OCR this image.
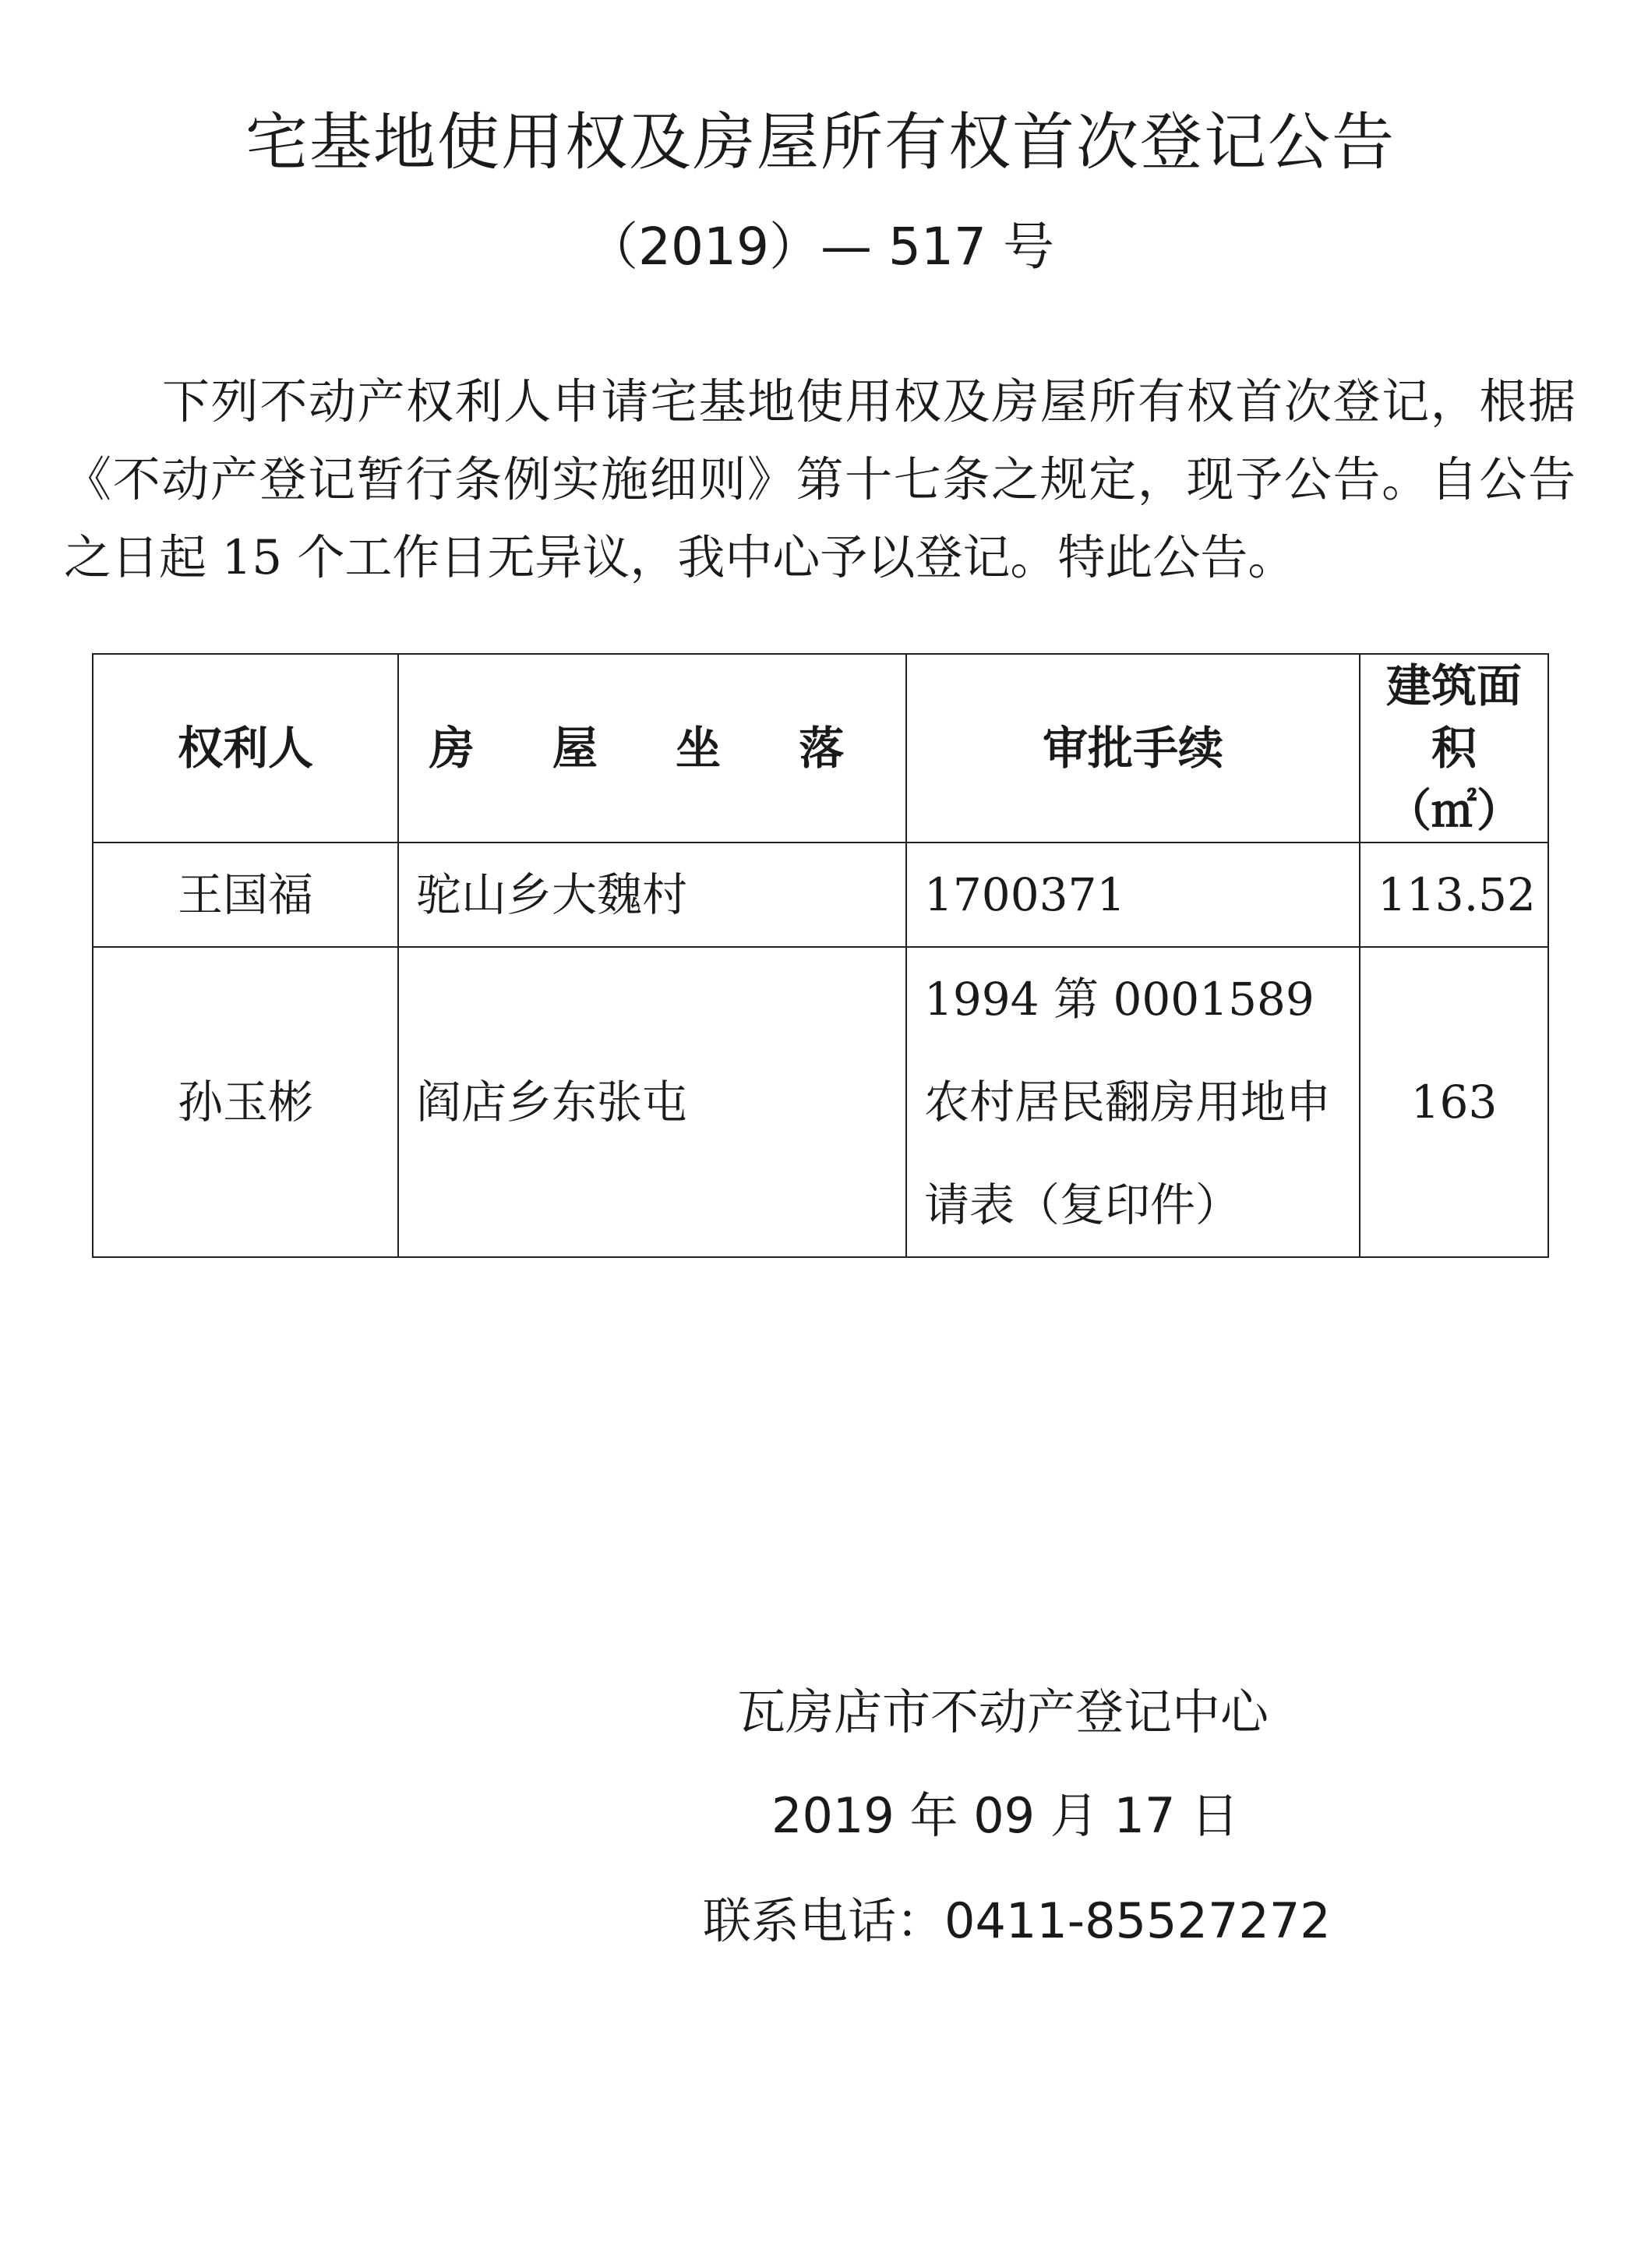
宅基地使用权及房屋所有权首次登记公告
（2019）— 517 号

下列不动产权利人申请宅基地使用权及房屋所有权首次登记，根据《不动产登记暂行条例实施细则》第十七条之规定，现予公告。自公告之日起 15 个工作日无异议，我中心予以登记。特此公告。

权利人	房 屋 坐 落	审批手续	建筑面积（㎡）
王国福	驼山乡大魏村	1700371	113.52
孙玉彬	阎店乡东张屯	1994 第 0001589 农村居民翻房用地申请表（复印件）	163
瓦房店市不动产登记中心
2019 年 09 月 17 日
联系电话：0411-85527272
